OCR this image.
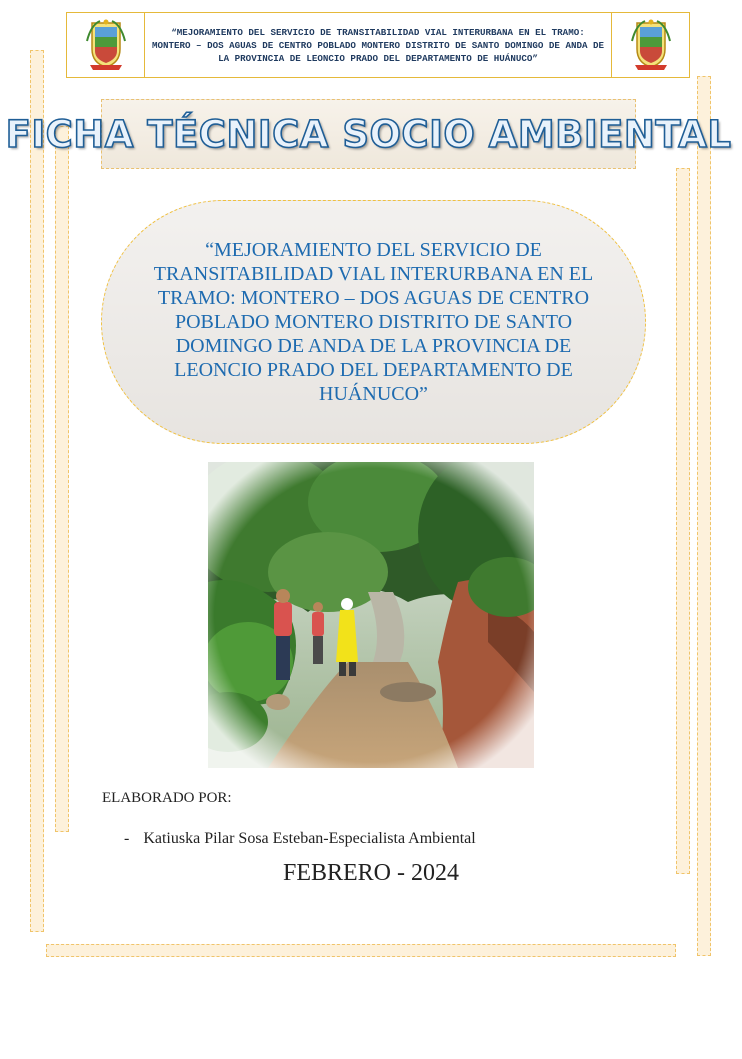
“MEJORAMIENTO DEL SERVICIO DE TRANSITABILIDAD VIAL INTERURBANA EN EL TRAMO: MONTERO – DOS AGUAS DE CENTRO POBLADO MONTERO DISTRITO DE SANTO DOMINGO DE ANDA DE LA PROVINCIA DE LEONCIO PRADO DEL DEPARTAMENTO DE HUÁNUCO”
FICHA TÉCNICA SOCIO AMBIENTAL
“MEJORAMIENTO DEL SERVICIO DE TRANSITABILIDAD VIAL INTERURBANA EN EL TRAMO: MONTERO – DOS AGUAS DE CENTRO POBLADO MONTERO DISTRITO DE SANTO DOMINGO DE ANDA DE LA PROVINCIA DE LEONCIO PRADO DEL DEPARTAMENTO DE HUÁNUCO”
ELABORADO POR:
- Katiuska Pilar Sosa Esteban-Especialista Ambiental
FEBRERO - 2024
